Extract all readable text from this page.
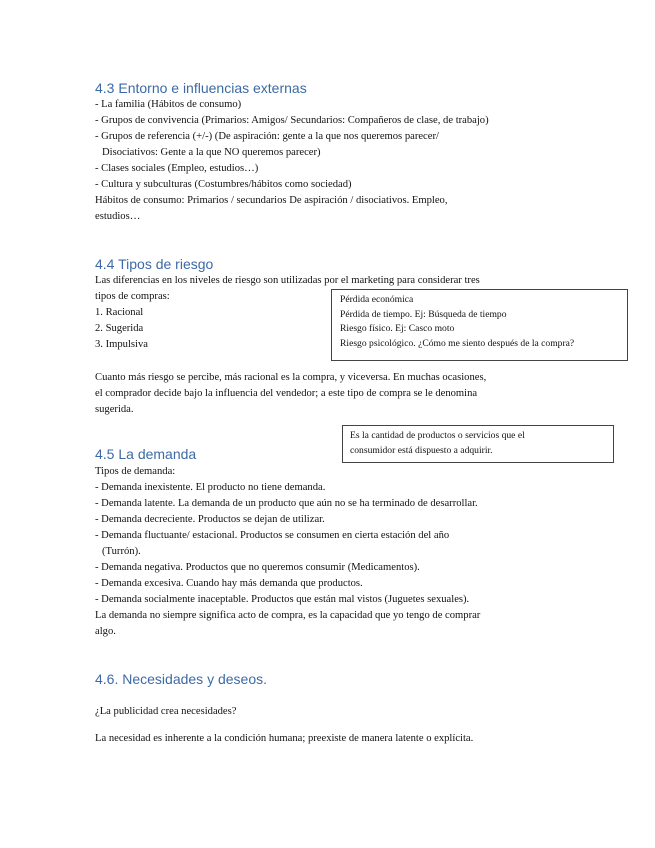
4.3 Entorno e influencias externas
- La familia (Hábitos de consumo)
- Grupos de convivencia (Primarios: Amigos/ Secundarios: Compañeros de clase, de trabajo)
- Grupos de referencia (+/-) (De aspiración: gente a la que nos queremos parecer/
Disociativos: Gente a la que NO queremos parecer)
- Clases sociales (Empleo, estudios…)
- Cultura y subculturas (Costumbres/hábitos como sociedad)
Hábitos de consumo: Primarios / secundarios De aspiración / disociativos. Empleo,
estudios…
4.4 Tipos de riesgo
Las diferencias en los niveles de riesgo son utilizadas por el marketing para considerar tres
tipos de compras:
1. Racional
2. Sugerida
3. Impulsiva
Pérdida económica
Pérdida de tiempo. Ej: Búsqueda de tiempo
Riesgo físico. Ej: Casco moto
Riesgo psicológico. ¿Cómo me siento después de la compra?
Cuanto más riesgo se percibe, más racional es la compra, y viceversa. En muchas ocasiones,
el comprador decide bajo la influencia del vendedor; a este tipo de compra se le denomina
sugerida.
Es la cantidad de productos o servicios que el
consumidor está dispuesto a adquirir.
4.5 La demanda
Tipos de demanda:
- Demanda inexistente. El producto no tiene demanda.
- Demanda latente. La demanda de un producto que aún no se ha terminado de desarrollar.
- Demanda decreciente. Productos se dejan de utilizar.
- Demanda fluctuante/ estacional. Productos se consumen en cierta estación del año
(Turrón).
- Demanda negativa. Productos que no queremos consumir (Medicamentos).
- Demanda excesiva. Cuando hay más demanda que productos.
- Demanda socialmente inaceptable. Productos que están mal vistos (Juguetes sexuales).
La demanda no siempre significa acto de compra, es la capacidad que yo tengo de comprar
algo.
4.6. Necesidades y deseos.
¿La publicidad crea necesidades?
La necesidad es inherente a la condición humana; preexiste de manera latente o explícita.
